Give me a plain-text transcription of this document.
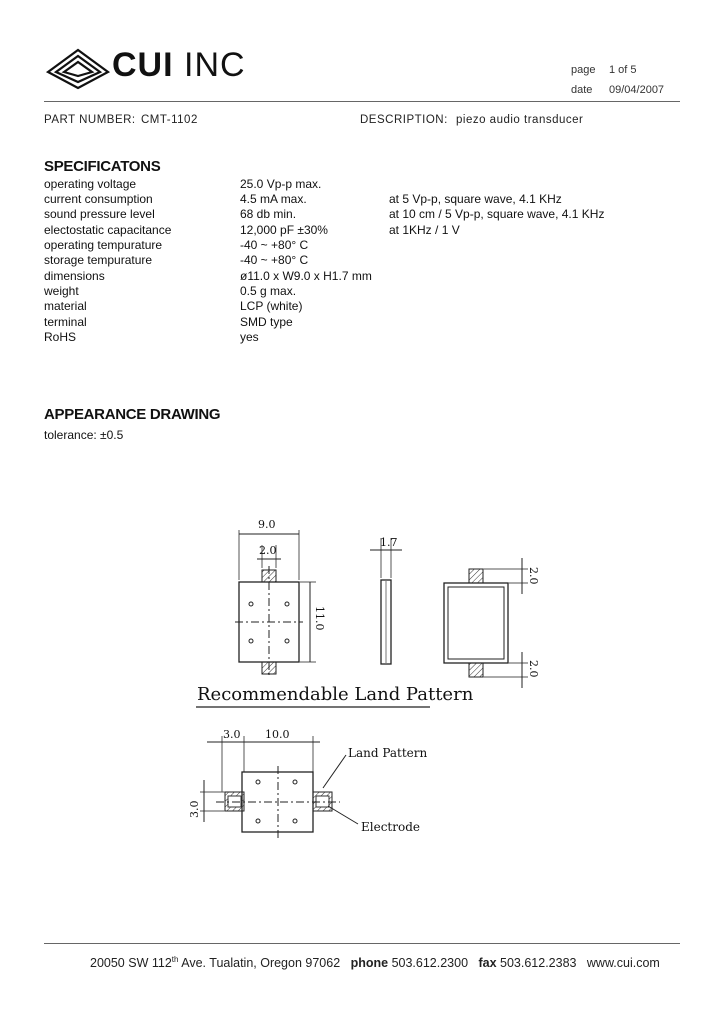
CUI INC	page 1 of 5
date 09/04/2007
PART NUMBER: CMT-1102	DESCRIPTION: piezo audio transducer
SPECIFICATONS
operating voltage	25.0 Vp-p max.
current consumption	4.5 mA max.	at 5 Vp-p, square wave, 4.1 KHz
sound pressure level	68 db min.	at 10 cm / 5 Vp-p, square wave, 4.1 KHz
electostatic capacitance	12,000 pF ±30%	at 1KHz / 1 V
operating tempurature	-40 ~ +80° C
storage tempurature	-40 ~ +80° C
dimensions	ø11.0 x W9.0 x H1.7 mm
weight	0.5 g max.
material	LCP (white)
terminal	SMD type
RoHS	yes
APPEARANCE DRAWING
tolerance: ±0.5
9.0
2.0
11.0
1.7
2.0
2.0
3.0 10.0
3.0
Recommendable Land Pattern
Land Pattern
Electrode
20050 SW 112th Ave. Tualatin, Oregon 97062 phone 503.612.2300 fax 503.612.2383 www.cui.com
